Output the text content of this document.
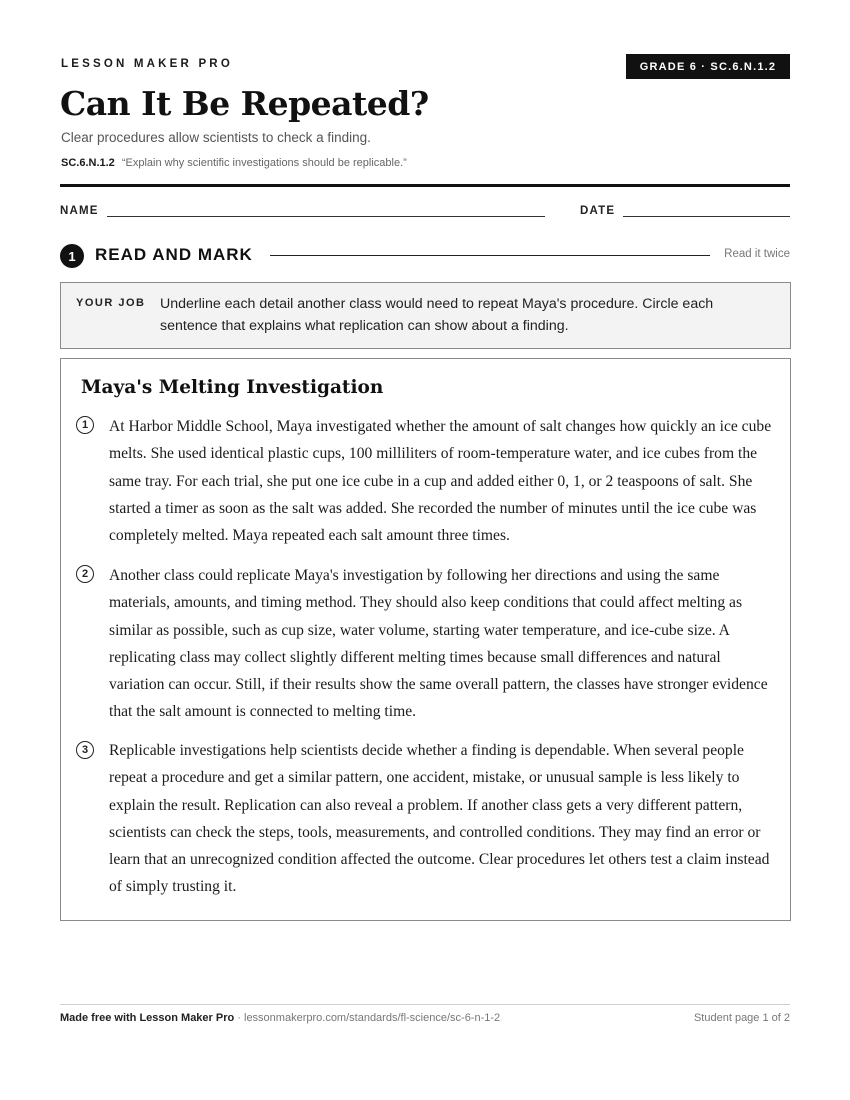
LESSON MAKER PRO	GRADE 6 · SC.6.N.1.2
Can It Be Repeated?
Clear procedures allow scientists to check a finding.
SC.6.N.1.2 “Explain why scientific investigations should be replicable.”
NAME	DATE
1	READ AND MARK	Read it twice
YOUR JOB Underline each detail another class would need to repeat Maya's procedure. Circle each sentence that explains what replication can show about a finding.
Maya's Melting Investigation
1	At Harbor Middle School, Maya investigated whether the amount of salt changes how quickly an ice cube melts. She used identical plastic cups, 100 milliliters of room-temperature water, and ice cubes from the same tray. For each trial, she put one ice cube in a cup and added either 0, 1, or 2 teaspoons of salt. She started a timer as soon as the salt was added. She recorded the number of minutes until the ice cube was completely melted. Maya repeated each salt amount three times.
2	Another class could replicate Maya's investigation by following her directions and using the same materials, amounts, and timing method. They should also keep conditions that could affect melting as similar as possible, such as cup size, water volume, starting water temperature, and ice-cube size. A replicating class may collect slightly different melting times because small differences and natural variation can occur. Still, if their results show the same overall pattern, the classes have stronger evidence that the salt amount is connected to melting time.
3	Replicable investigations help scientists decide whether a finding is dependable. When several people repeat a procedure and get a similar pattern, one accident, mistake, or unusual sample is less likely to explain the result. Replication can also reveal a problem. If another class gets a very different pattern, scientists can check the steps, tools, measurements, and controlled conditions. They may find an error or learn that an unrecognized condition affected the outcome. Clear procedures let others test a claim instead of simply trusting it.
Made free with Lesson Maker Pro · lessonmakerpro.com/standards/fl-science/sc-6-n-1-2	Student page 1 of 2
